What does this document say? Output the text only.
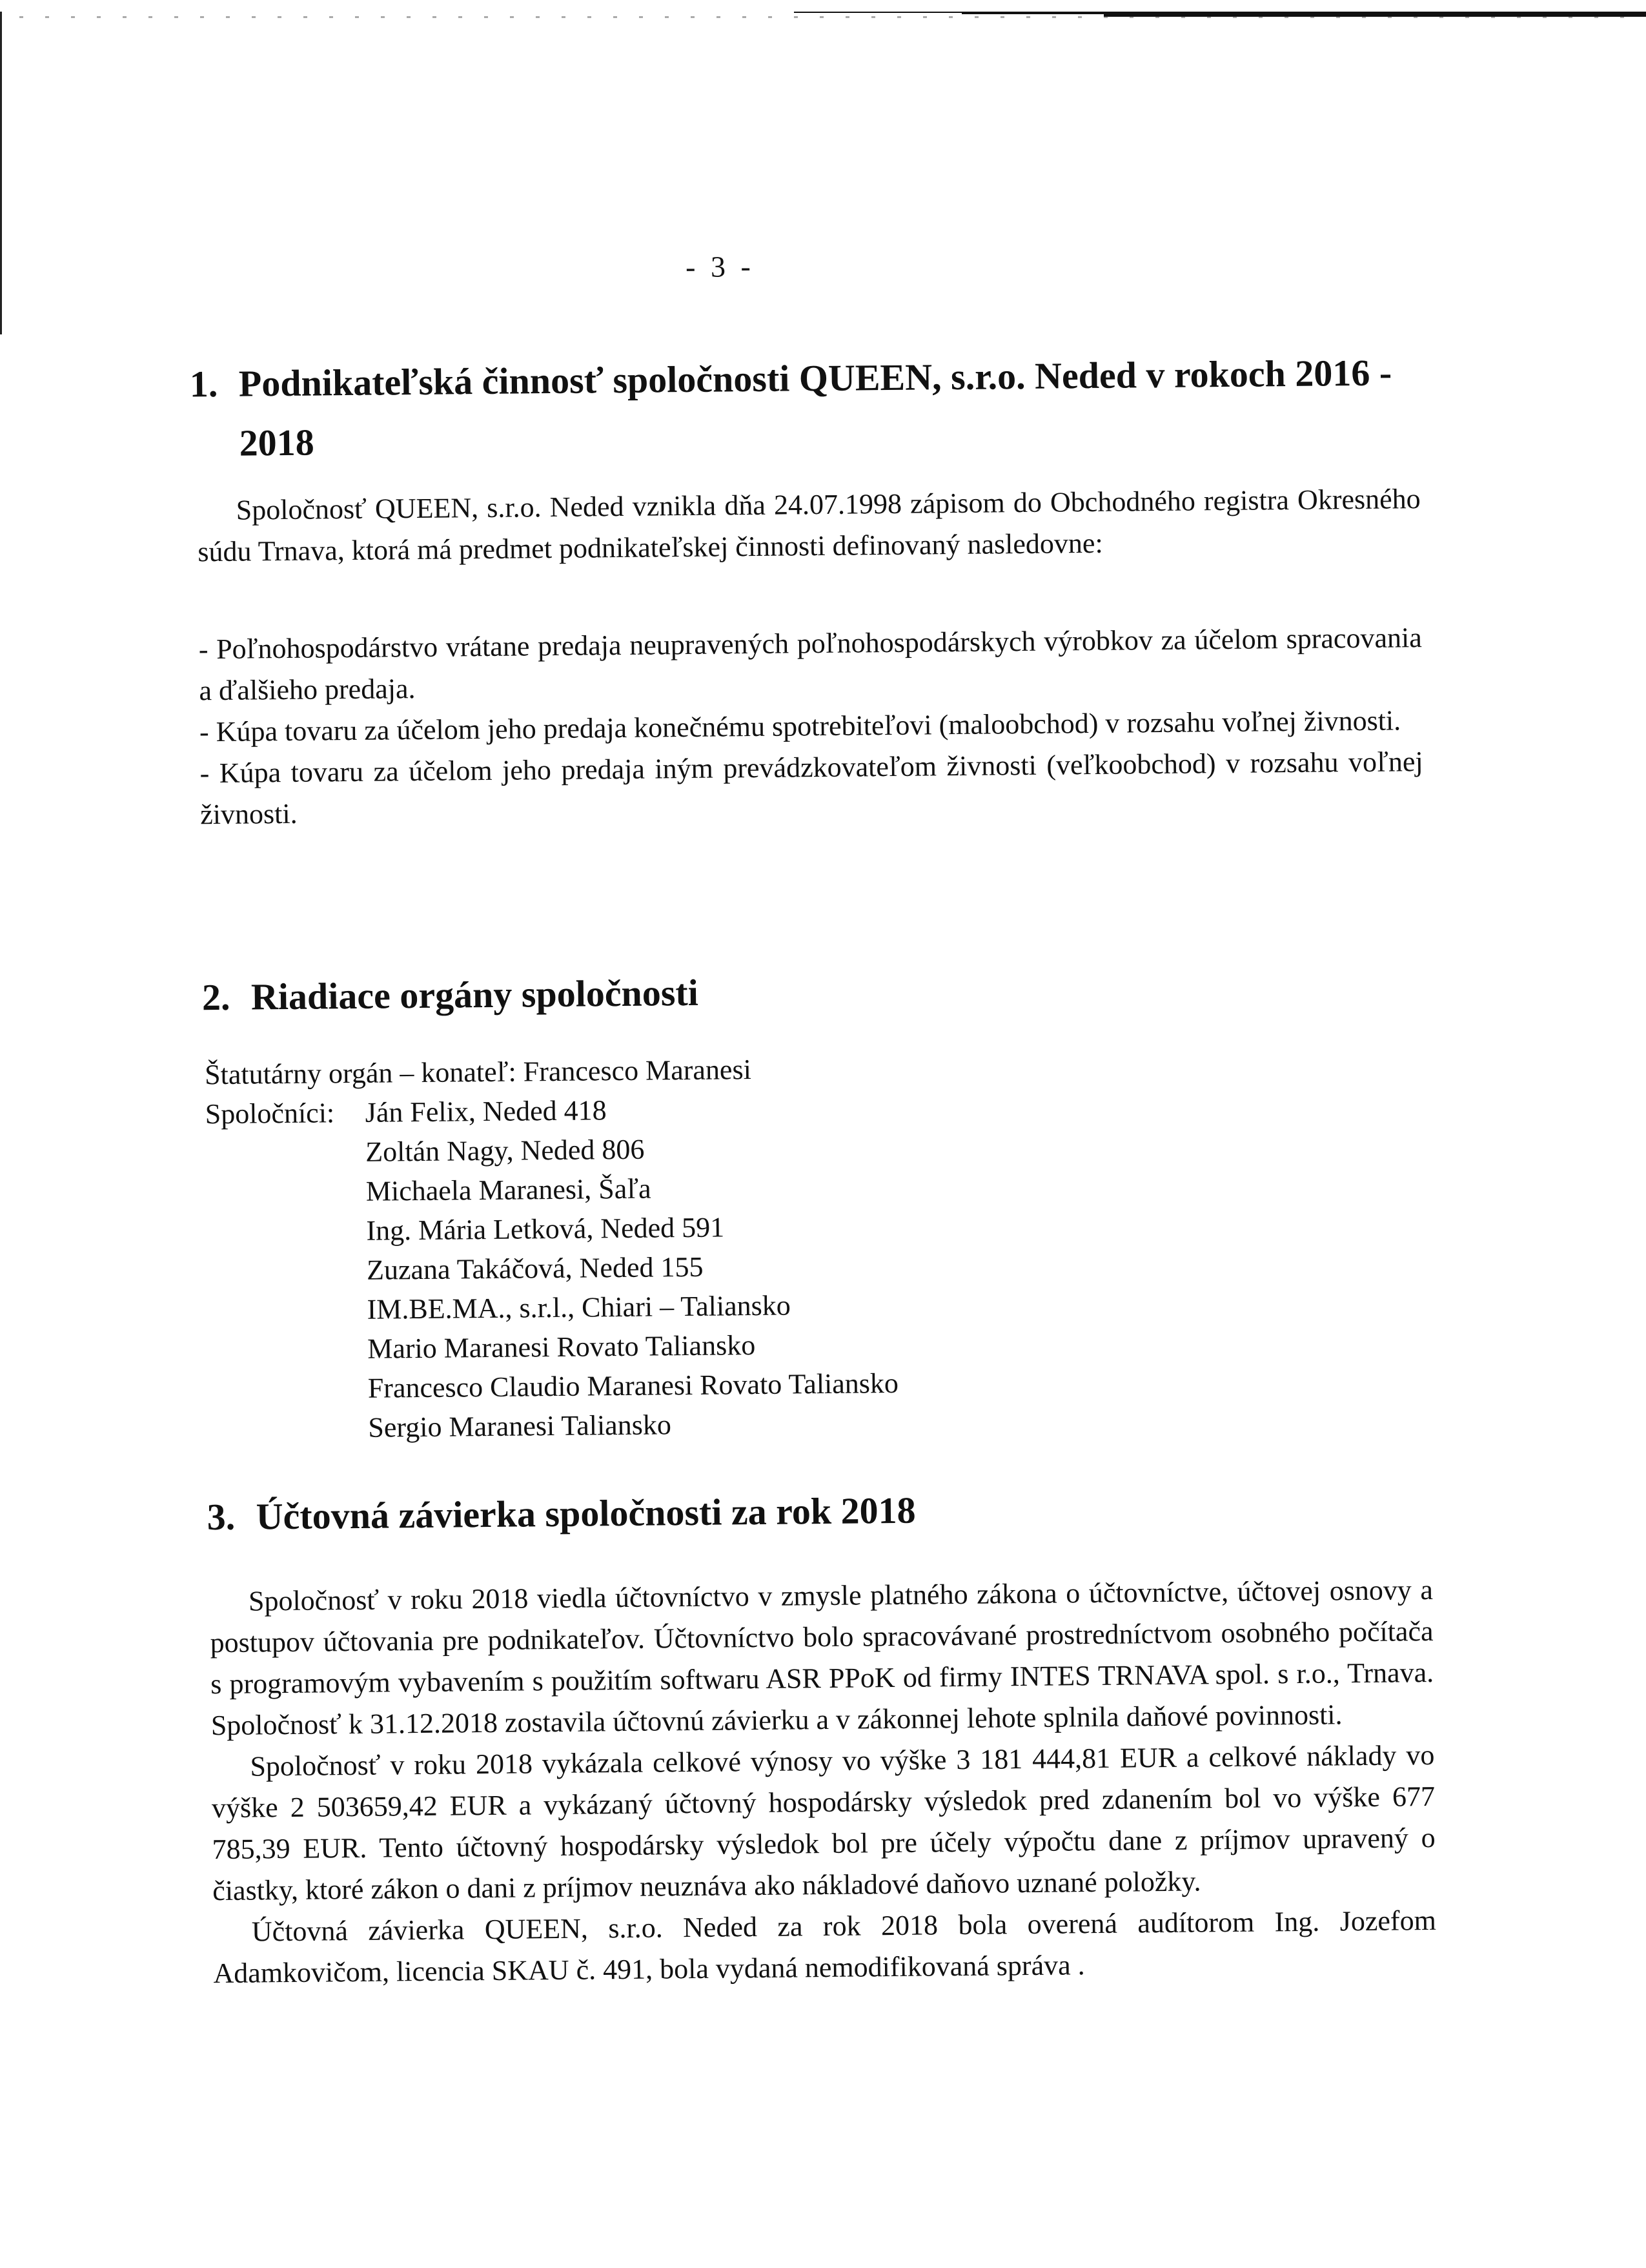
- 3 -
1. Podnikateľská činnosť spoločnosti QUEEN, s.r.o. Neded v rokoch 2016 -
2018

Spoločnosť QUEEN, s.r.o. Neded vznikla dňa 24.07.1998 zápisom do Obchodného registra Okresného súdu Trnava, ktorá má predmet podnikateľskej činnosti definovaný nasledovne:

- Poľnohospodárstvo vrátane predaja neupravených poľnohospodárskych výrobkov za účelom spracovania a ďalšieho predaja.

- Kúpa tovaru za účelom jeho predaja konečnému spotrebiteľovi (maloobchod) v rozsahu voľnej živnosti.

- Kúpa tovaru za účelom jeho predaja iným prevádzkovateľom živnosti (veľkoobchod) v rozsahu voľnej živnosti.

2. Riadiace orgány spoločnosti
Štatutárny orgán – konateľ:
Francesco Maranesi
Spoločníci:	Ján Felix, Neded 418
Zoltán Nagy, Neded 806
Michaela Maranesi, Šaľa
Ing. Mária Letková, Neded 591
Zuzana Takáčová, Neded 155
IM.BE.MA., s.r.l., Chiari – Taliansko
Mario Maranesi Rovato Taliansko
Francesco Claudio Maranesi Rovato Taliansko
Sergio Maranesi Taliansko
3. Účtovná závierka spoločnosti za rok 2018

Spoločnosť v roku 2018 viedla účtovníctvo v zmysle platného zákona o účtovníctve, účtovej osnovy a postupov účtovania pre podnikateľov. Účtovníctvo bolo spracovávané prostredníctvom osobného počítača s programovým vybavením s použitím softwaru ASR PPoK od firmy INTES TRNAVA spol. s r.o., Trnava. Spoločnosť k 31.12.2018 zostavila účtovnú závierku a v zákonnej lehote splnila daňové povinnosti.

Spoločnosť v roku 2018 vykázala celkové výnosy vo výške 3 181 444,81 EUR a celkové náklady vo výške 2 503659,42 EUR a vykázaný účtovný hospodársky výsledok pred zdanením bol vo výške 677 785,39 EUR. Tento účtovný hospodársky výsledok bol pre účely výpočtu dane z príjmov upravený o čiastky, ktoré zákon o dani z príjmov neuznáva ako nákladové daňovo uznané položky.

Účtovná závierka QUEEN, s.r.o. Neded za rok 2018 bola overená audítorom Ing. Jozefom Adamkovičom, licencia SKAU č. 491, bola vydaná nemodifikovaná správa .
